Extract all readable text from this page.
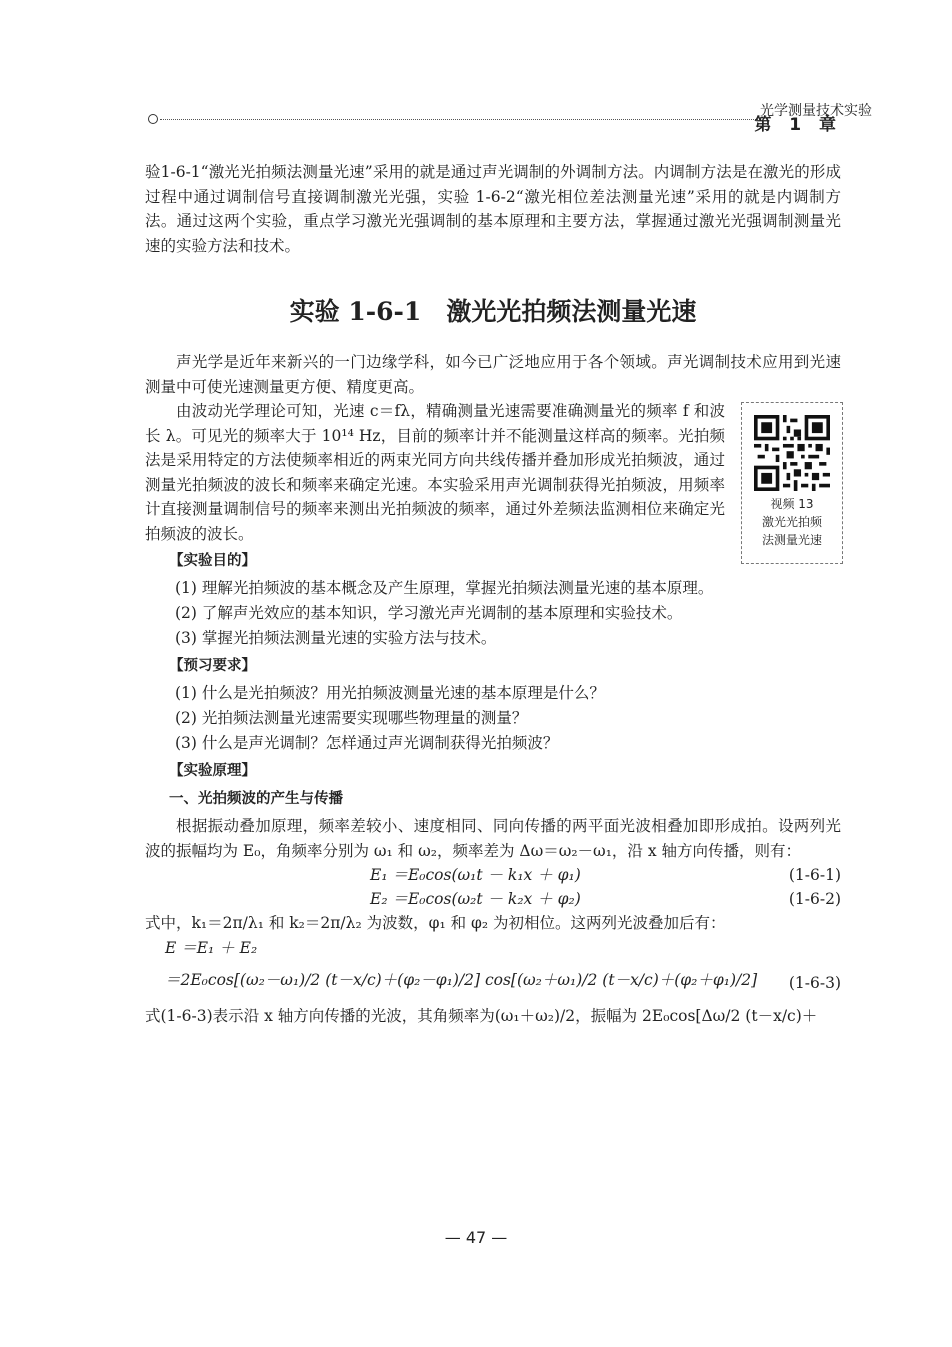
光学测量技术实验
第 1 章

验1-6-1“激光光拍频法测量光速”采用的就是通过声光调制的外调制方法。内调制方法是在激光的形成过程中通过调制信号直接调制激光光强，实验 1-6-2“激光相位差法测量光速”采用的就是内调制方法。通过这两个实验，重点学习激光光强调制的基本原理和主要方法，掌握通过激光光强调制测量光速的实验方法和技术。

实验 1-6-1　激光光拍频法测量光速

声光学是近年来新兴的一门边缘学科，如今已广泛地应用于各个领域。声光调制技术应用到光速测量中可使光速测量更方便、精度更高。

由波动光学理论可知，光速 c＝fλ，精确测量光速需要准确测量光的频率 f 和波长 λ。可见光的频率大于 10¹⁴ Hz，目前的频率计并不能测量这样高的频率。光拍频法是采用特定的方法使频率相近的两束光同方向共线传播并叠加形成光拍频波，通过测量光拍频波的波长和频率来确定光速。本实验采用声光调制获得光拍频波，用频率计直接测量调制信号的频率来测出光拍频波的频率，通过外差频法监测相位来确定光拍频波的波长。

视频 13
激光光拍频
法测量光速
【实验目的】

(1) 理解光拍频波的基本概念及产生原理，掌握光拍频法测量光速的基本原理。

(2) 了解声光效应的基本知识，学习激光声光调制的基本原理和实验技术。

(3) 掌握光拍频法测量光速的实验方法与技术。

【预习要求】

(1) 什么是光拍频波？用光拍频波测量光速的基本原理是什么？

(2) 光拍频法测量光速需要实现哪些物理量的测量？

(3) 什么是声光调制？怎样通过声光调制获得光拍频波？

【实验原理】
一、光拍频波的产生与传播

根据振动叠加原理，频率差较小、速度相同、同向传播的两平面光波相叠加即形成拍。设两列光波的振幅均为 E₀，角频率分别为 ω₁ 和 ω₂，频率差为 Δω＝ω₂－ω₁，沿 x 轴方向传播，则有：

E₁ ＝E₀cos(ω₁t － k₁x ＋ φ₁)	(1-6-1)
E₂ ＝E₀cos(ω₂t － k₂x ＋ φ₂)	(1-6-2)

式中，k₁＝2π/λ₁ 和 k₂＝2π/λ₂ 为波数，φ₁ 和 φ₂ 为初相位。这两列光波叠加后有：

E ＝E₁ ＋ E₂

＝2E₀cos[(ω₂－ω₁)/2 (t－x/c)＋(φ₂－φ₁)/2] cos[(ω₂＋ω₁)/2 (t－x/c)＋(φ₂＋φ₁)/2] (1-6-3)

式(1-6-3)表示沿 x 轴方向传播的光波，其角频率为(ω₁＋ω₂)/2，振幅为 2E₀cos[Δω/2 (t－x/c)＋

— 47 —
